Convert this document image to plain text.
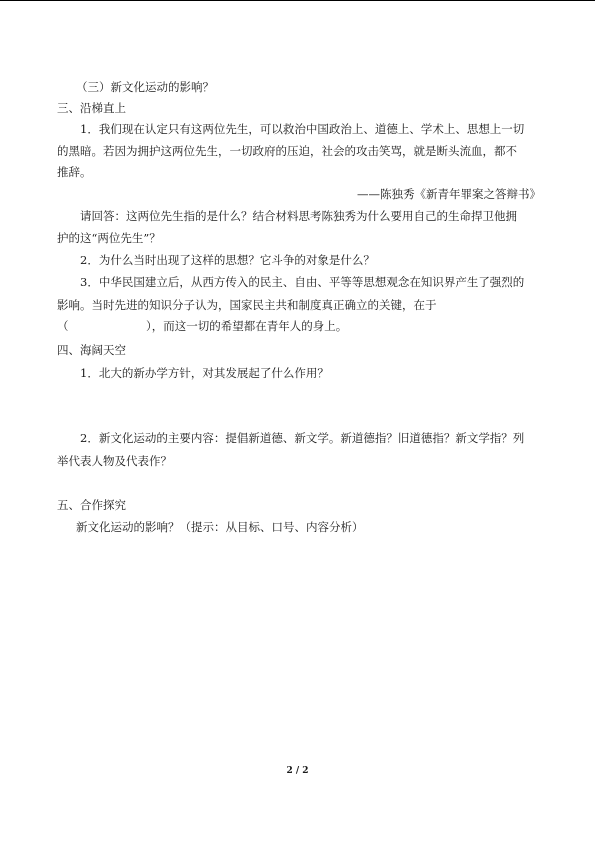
（三）新文化运动的影响？
三、沿梯直上
1．我们现在认定只有这两位先生，可以救治中国政治上、道德上、学术上、思想上一切
的黑暗。若因为拥护这两位先生，一切政府的压迫，社会的攻击笑骂，就是断头流血，都不
推辞。
——陈独秀《新青年罪案之答辩书》
请回答：这两位先生指的是什么？结合材料思考陈独秀为什么要用自己的生命捍卫他拥
护的这“两位先生”？
2．为什么当时出现了这样的思想？它斗争的对象是什么？
3．中华民国建立后，从西方传入的民主、自由、平等等思想观念在知识界产生了强烈的
影响。当时先进的知识分子认为，国家民主共和制度真正确立的关键，在于
（	），而这一切的希望都在青年人的身上。
四、海阔天空
1．北大的新办学方针，对其发展起了什么作用？
2．新文化运动的主要内容：提倡新道德、新文学。新道德指？旧道德指？新文学指？列
举代表人物及代表作？
五、合作探究
新文化运动的影响？（提示：从目标、口号、内容分析）
2 / 2
